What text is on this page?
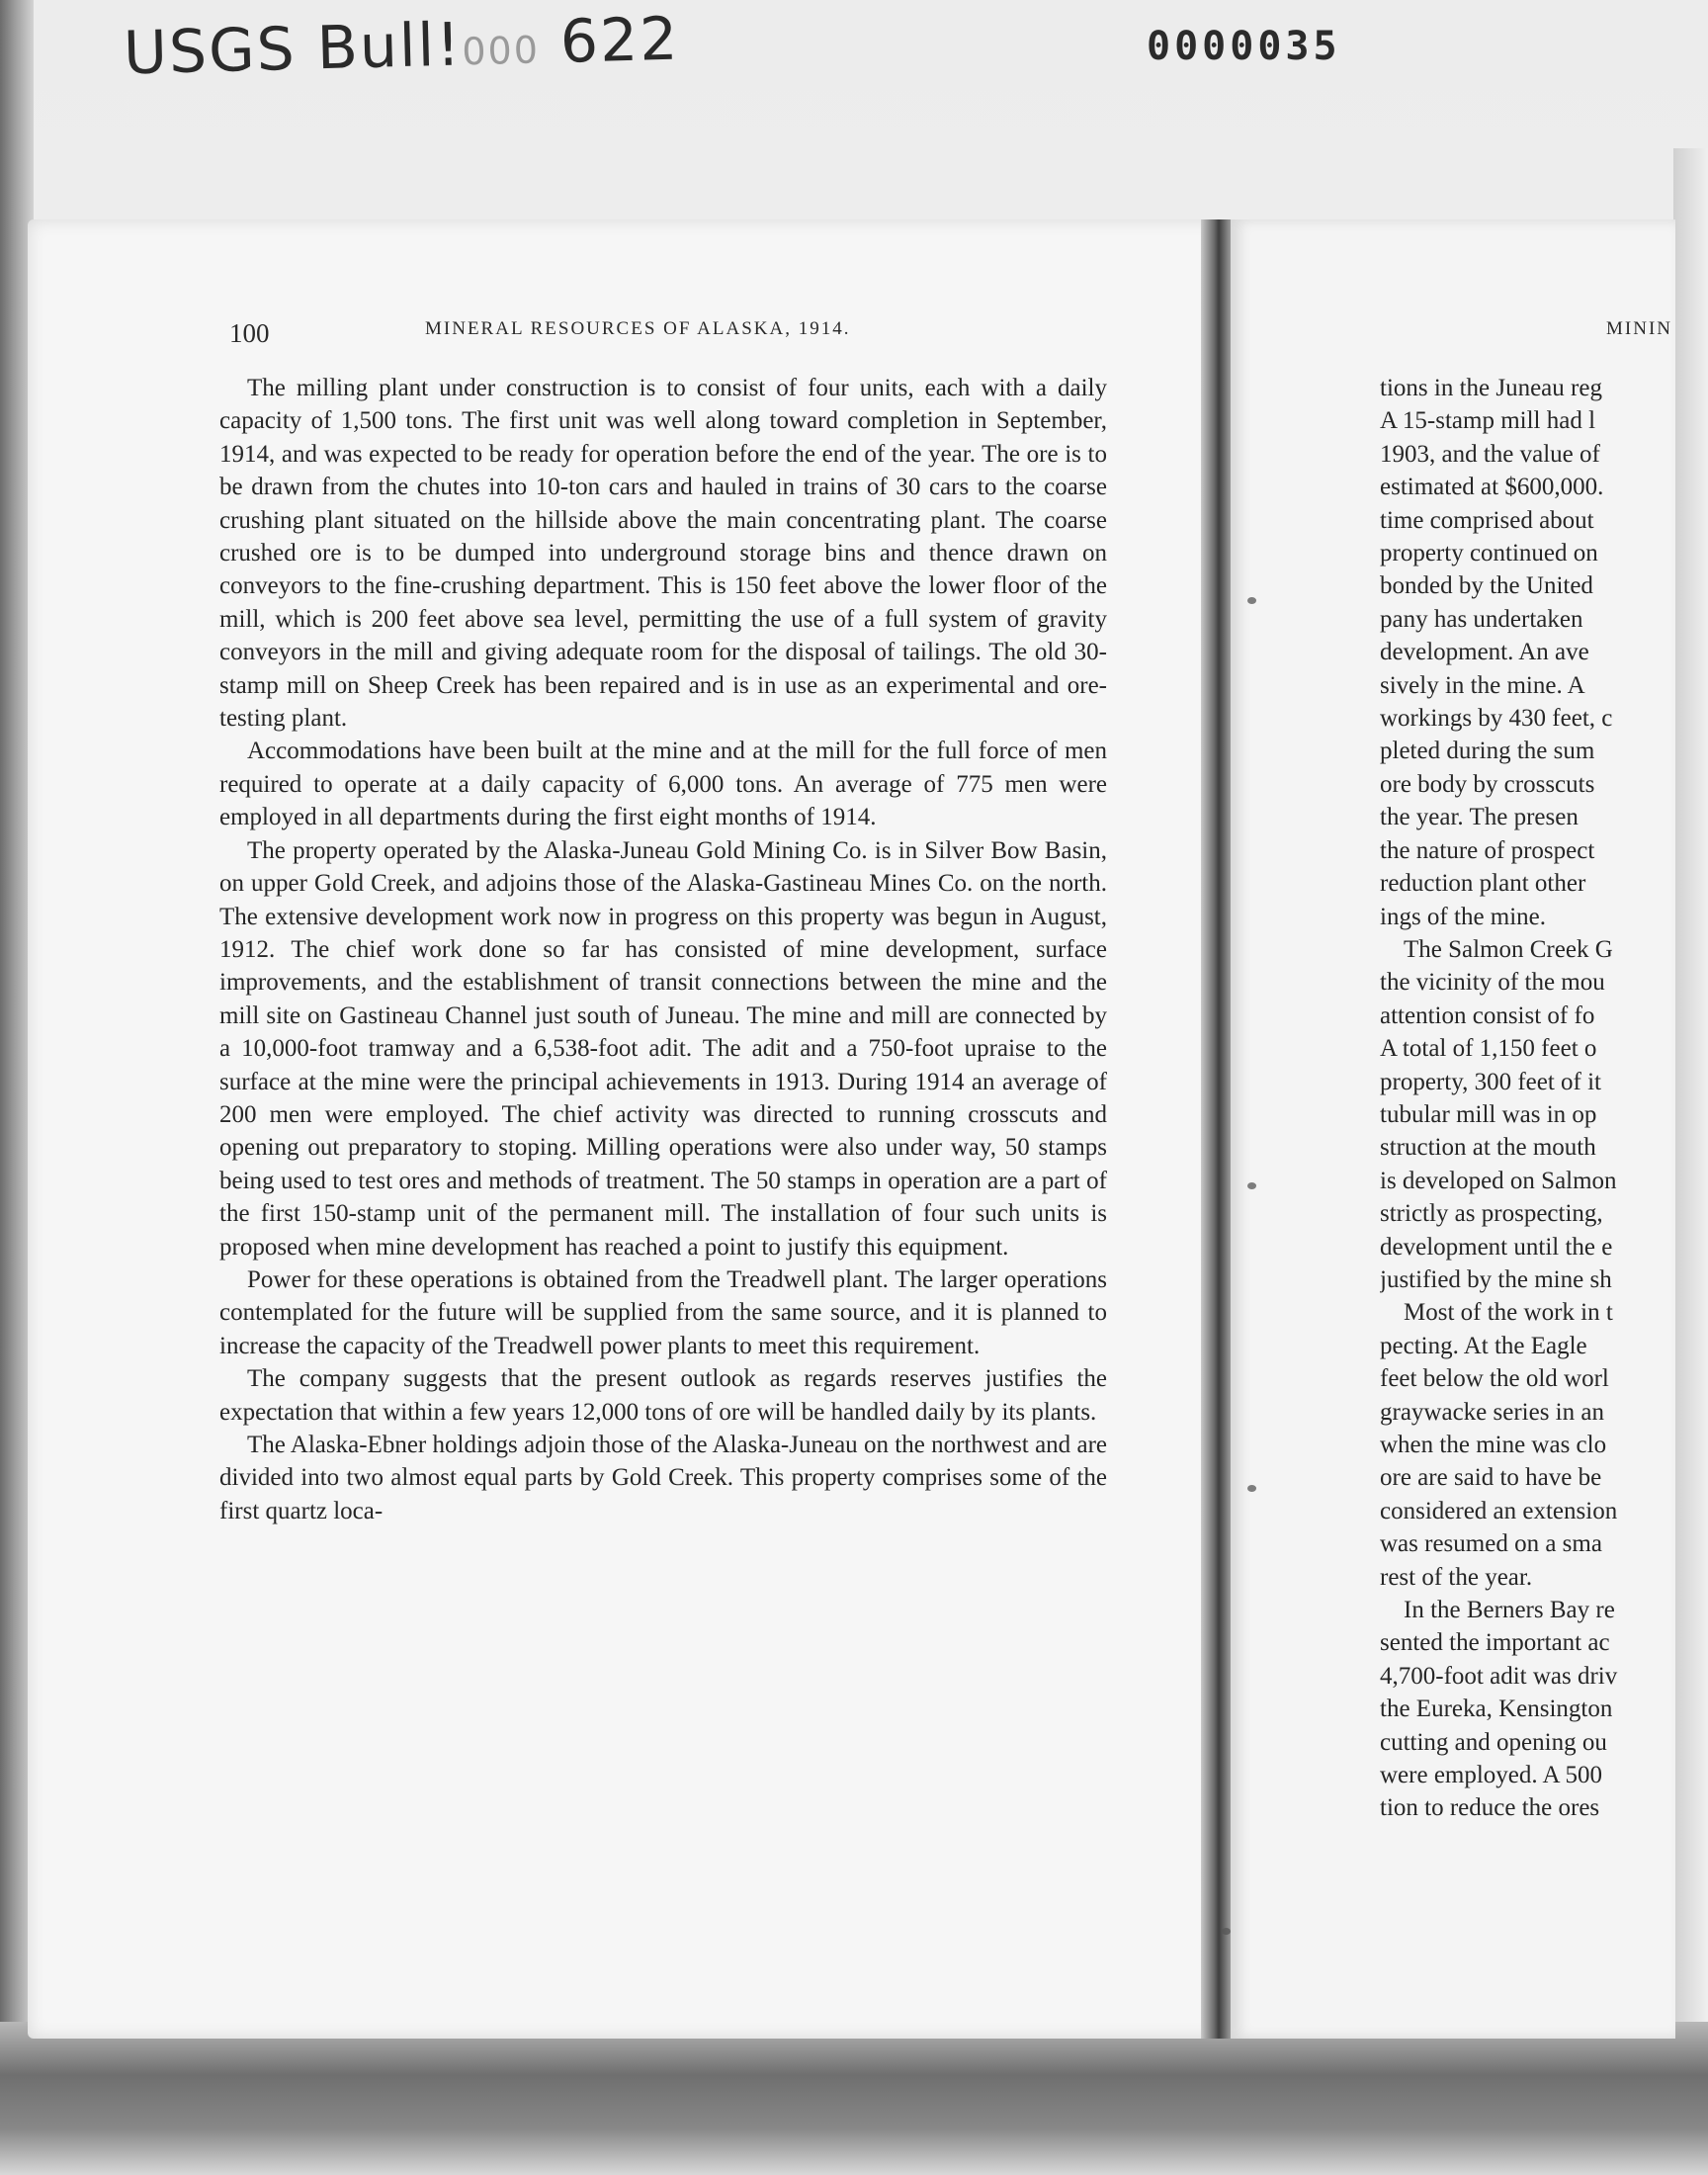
USGS Bull!000 622	0000035
100	MINERAL RESOURCES OF ALASKA, 1914.	MININ

The milling plant under construction is to consist of four units, each with a daily capacity of 1,500 tons. The first unit was well along toward completion in September, 1914, and was expected to be ready for operation before the end of the year. The ore is to be drawn from the chutes into 10-ton cars and hauled in trains of 30 cars to the coarse crushing plant situated on the hillside above the main concentrating plant. The coarse crushed ore is to be dumped into underground storage bins and thence drawn on conveyors to the fine-crushing department. This is 150 feet above the lower floor of the mill, which is 200 feet above sea level, permitting the use of a full system of gravity conveyors in the mill and giving adequate room for the disposal of tailings. The old 30-stamp mill on Sheep Creek has been repaired and is in use as an experimental and ore-testing plant.

Accommodations have been built at the mine and at the mill for the full force of men required to operate at a daily capacity of 6,000 tons. An average of 775 men were employed in all departments during the first eight months of 1914.

The property operated by the Alaska-Juneau Gold Mining Co. is in Silver Bow Basin, on upper Gold Creek, and adjoins those of the Alaska-Gastineau Mines Co. on the north. The extensive development work now in progress on this property was begun in August, 1912. The chief work done so far has consisted of mine development, surface improvements, and the establishment of transit connections between the mine and the mill site on Gastineau Channel just south of Juneau. The mine and mill are connected by a 10,000-foot tramway and a 6,538-foot adit. The adit and a 750-foot upraise to the surface at the mine were the principal achievements in 1913. During 1914 an average of 200 men were employed. The chief activity was directed to running crosscuts and opening out preparatory to stoping. Milling operations were also under way, 50 stamps being used to test ores and methods of treatment. The 50 stamps in operation are a part of the first 150-stamp unit of the permanent mill. The installation of four such units is proposed when mine development has reached a point to justify this equipment.

Power for these operations is obtained from the Treadwell plant. The larger operations contemplated for the future will be supplied from the same source, and it is planned to increase the capacity of the Treadwell power plants to meet this requirement.

The company suggests that the present outlook as regards reserves justifies the expectation that within a few years 12,000 tons of ore will be handled daily by its plants.

The Alaska-Ebner holdings adjoin those of the Alaska-Juneau on the northwest and are divided into two almost equal parts by Gold Creek. This property comprises some of the first quartz loca-

tions in the Juneau reg
A 15-stamp mill had l
1903, and the value of
estimated at $600,000.
time comprised about
property continued on
bonded by the United
pany has undertaken
development. An ave
sively in the mine. A
workings by 430 feet, c
pleted during the sum
ore body by crosscuts
the year. The presen
the nature of prospect
reduction plant other
ings of the mine.
The Salmon Creek G
the vicinity of the mou
attention consist of fo
A total of 1,150 feet o
property, 300 feet of it
tubular mill was in op
struction at the mouth
is developed on Salmon
strictly as prospecting,
development until the e
justified by the mine sh
Most of the work in t
pecting. At the Eagle
feet below the old worl
graywacke series in an
when the mine was clo
ore are said to have be
considered an extension
was resumed on a sma
rest of the year.
In the Berners Bay re
sented the important ac
4,700-foot adit was driv
the Eureka, Kensington
cutting and opening ou
were employed. A 500
tion to reduce the ores
